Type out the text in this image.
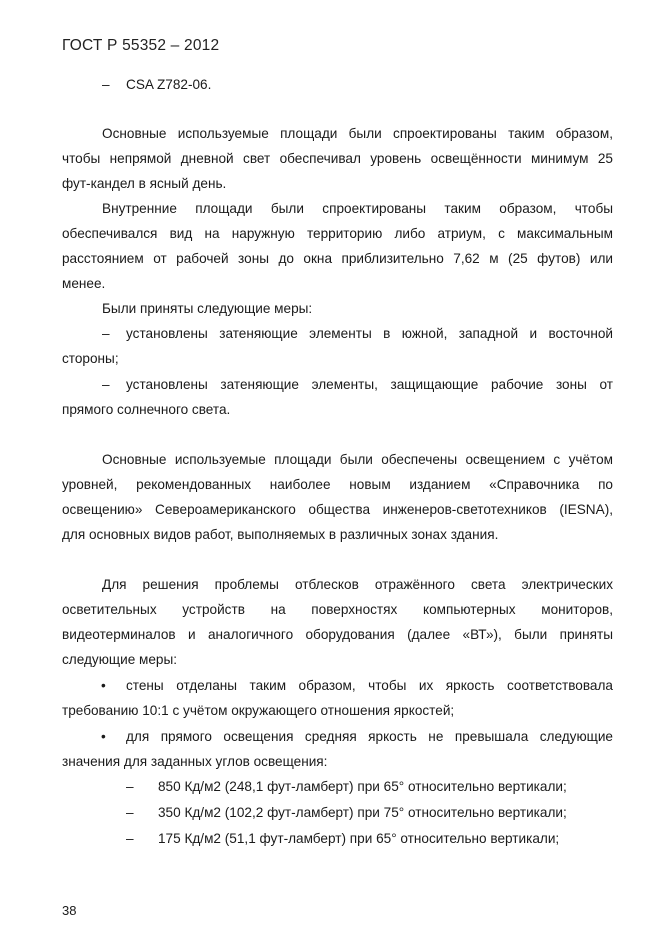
ГОСТ Р 55352 – 2012
– CSA Z782-06.
Основные используемые площади были спроектированы таким образом,
чтобы непрямой дневной свет обеспечивал уровень освещённости минимум 25
фут-кандел в ясный день.
Внутренние площади были спроектированы таким образом, чтобы
обеспечивался вид на наружную территорию либо атриум, с максимальным
расстоянием от рабочей зоны до окна приблизительно 7,62 м (25 футов) или
менее.
Были приняты следующие меры:
– установлены затеняющие элементы в южной, западной и восточной
стороны;
– установлены затеняющие элементы, защищающие рабочие зоны от
прямого солнечного света.
Основные используемые площади были обеспечены освещением с учётом
уровней, рекомендованных наиболее новым изданием «Справочника по
освещению» Североамериканского общества инженеров-светотехников (IESNA),
для основных видов работ, выполняемых в различных зонах здания.
Для решения проблемы отблесков отражённого света электрических
осветительных устройств на поверхностях компьютерных мониторов,
видеотерминалов и аналогичного оборудования (далее «ВТ»), были приняты
следующие меры:
• стены отделаны таким образом, чтобы их яркость соответствовала
требованию 10:1 с учётом окружающего отношения яркостей;
• для прямого освещения средняя яркость не превышала следующие
значения для заданных углов освещения:
– 850 Кд/м2 (248,1 фут-ламберт) при 65° относительно вертикали;
– 350 Кд/м2 (102,2 фут-ламберт) при 75° относительно вертикали;
– 175 Кд/м2 (51,1 фут-ламберт) при 65° относительно вертикали;
38
